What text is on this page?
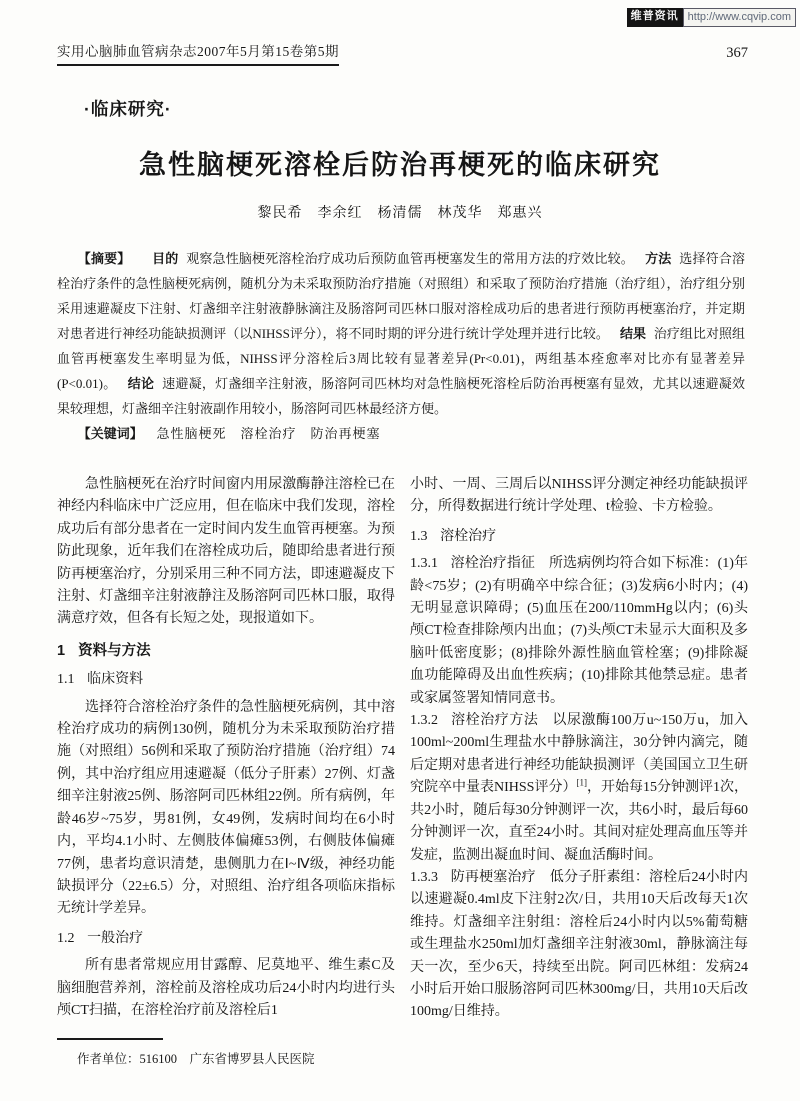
维普资讯 http://www.cqvip.com
实用心脑肺血管病杂志2007年5月第15卷第5期	367
·临床研究·
急性脑梗死溶栓后防治再梗死的临床研究
黎民希　李余红　杨清儒　林茂华　郑惠兴

【摘要】 目的 观察急性脑梗死溶栓治疗成功后预防血管再梗塞发生的常用方法的疗效比较。 方法 选择符合溶栓治疗条件的急性脑梗死病例，随机分为未采取预防治疗措施（对照组）和采取了预防治疗措施（治疗组），治疗组分别采用速避凝皮下注射、灯盏细辛注射液静脉滴注及肠溶阿司匹林口服对溶栓成功后的患者进行预防再梗塞治疗，并定期对患者进行神经功能缺损测评（以NIHSS评分），将不同时期的评分进行统计学处理并进行比较。 结果 治疗组比对照组血管再梗塞发生率明显为低，NIHSS评分溶栓后3周比较有显著差异(Pr<0.01)，两组基本痊愈率对比亦有显著差异(P<0.01)。 结论 速避凝，灯盏细辛注射液，肠溶阿司匹林均对急性脑梗死溶栓后防治再梗塞有显效，尤其以速避凝效果较理想，灯盏细辛注射液副作用较小，肠溶阿司匹林最经济方便。

【关键词】 急性脑梗死　溶栓治疗　防治再梗塞

急性脑梗死在治疗时间窗内用尿激酶静注溶栓已在神经内科临床中广泛应用，但在临床中我们发现，溶栓成功后有部分患者在一定时间内发生血管再梗塞。为预防此现象，近年我们在溶栓成功后，随即给患者进行预防再梗塞治疗，分别采用三种不同方法，即速避凝皮下注射、灯盏细辛注射液静注及肠溶阿司匹林口服，取得满意疗效，但各有长短之处，现报道如下。

1 资料与方法
1.1 临床资料

选择符合溶栓治疗条件的急性脑梗死病例，其中溶栓治疗成功的病例130例，随机分为未采取预防治疗措施（对照组）56例和采取了预防治疗措施（治疗组）74例，其中治疗组应用速避凝（低分子肝素）27例、灯盏细辛注射液25例、肠溶阿司匹林组22例。所有病例，年龄46岁~75岁，男81例，女49例，发病时间均在6小时内，平均4.1小时、左侧肢体偏瘫53例，右侧肢体偏瘫77例，患者均意识清楚，患侧肌力在Ⅰ~Ⅳ级，神经功能缺损评分（22±6.5）分，对照组、治疗组各项临床指标无统计学差异。

1.2 一般治疗

所有患者常规应用甘露醇、尼莫地平、维生素C及脑细胞营养剂，溶栓前及溶栓成功后24小时内均进行头颅CT扫描，在溶栓治疗前及溶栓后1

作者单位：516100　广东省博罗县人民医院

小时、一周、三周后以NIHSS评分测定神经功能缺损评分，所得数据进行统计学处理、t检验、卡方检验。

1.3 溶栓治疗

1.3.1 溶栓治疗指征 所选病例均符合如下标准：(1)年龄<75岁；(2)有明确卒中综合征；(3)发病6小时内；(4)无明显意识障碍；(5)血压在200/110mmHg以内；(6)头颅CT检查排除颅内出血；(7)头颅CT未显示大面积及多脑叶低密度影；(8)排除外源性脑血管栓塞；(9)排除凝血功能障碍及出血性疾病；(10)排除其他禁忌症。患者或家属签署知情同意书。

1.3.2 溶栓治疗方法 以尿激酶100万u~150万u，加入100ml~200ml生理盐水中静脉滴注，30分钟内滴完，随后定期对患者进行神经功能缺损测评（美国国立卫生研究院卒中量表NIHSS评分）[1]，开始每15分钟测评1次，共2小时，随后每30分钟测评一次，共6小时，最后每60分钟测评一次，直至24小时。其间对症处理高血压等并发症，监测出凝血时间、凝血活酶时间。

1.3.3 防再梗塞治疗 低分子肝素组：溶栓后24小时内以速避凝0.4ml皮下注射2次/日，共用10天后改每天1次维持。灯盏细辛注射组：溶栓后24小时内以5%葡萄糖或生理盐水250ml加灯盏细辛注射液30ml，静脉滴注每天一次，至少6天，持续至出院。阿司匹林组：发病24小时后开始口服肠溶阿司匹林300mg/日，共用10天后改100mg/日维持。
